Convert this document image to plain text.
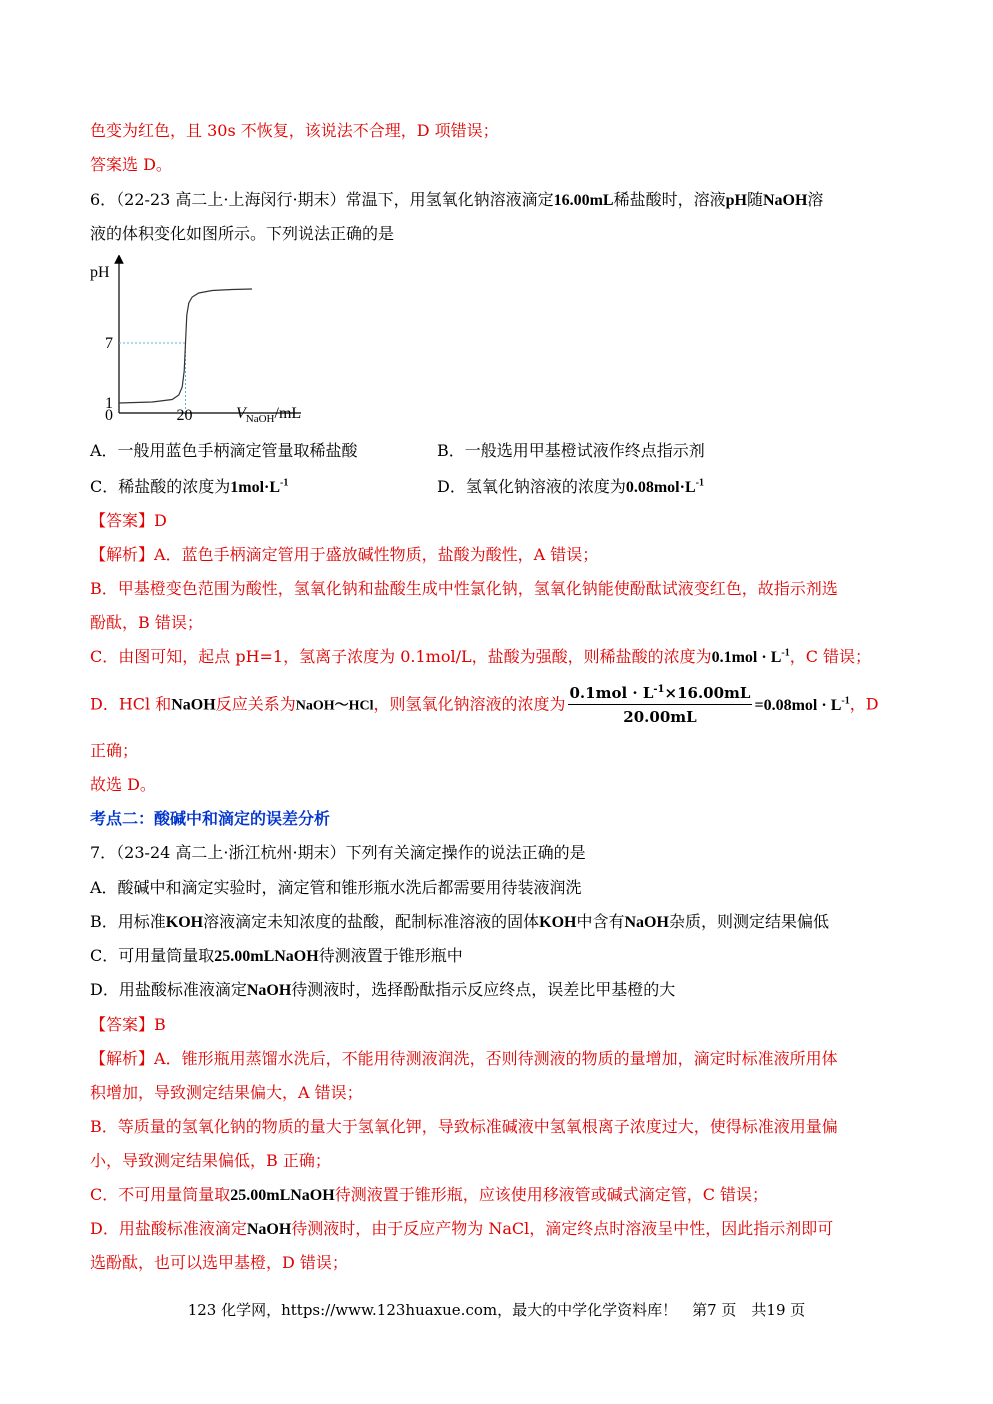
色变为红色，且 30s 不恢复，该说法不合理，D 项错误；
答案选 D。
6．（22-23 高二上·上海闵行·期末）常温下，用氢氧化钠溶液滴定16.00mL稀盐酸时，溶液pH随NaOH溶
液的体积变化如图所示。下列说法正确的是
pH
7
1
0	20	$V_{NaOH}/mL$
A．一般用蓝色手柄滴定管量取稀盐酸	B．一般选用甲基橙试液作终点指示剂
C．稀盐酸的浓度为$1mol\cdot L^{-1}$	D．氢氧化钠溶液的浓度为$0.08mol\cdot L^{-1}$
【答案】D
【解析】A．蓝色手柄滴定管用于盛放碱性物质，盐酸为酸性，A 错误；
B．甲基橙变色范围为酸性，氢氧化钠和盐酸生成中性氯化钠，氢氧化钠能使酚酞试液变红色，故指示剂选
酚酞，B 错误；
C．由图可知，起点 pH=1，氢离子浓度为 0.1mol/L，盐酸为强酸，则稀盐酸的浓度为$0.1mol \cdot L^{-1}$，C 错误；
D．HCl 和NaOH反应关系为NaOH～HCl，则氢氧化钠溶液的浓度为 $\frac{0.1mol \cdot L^{-1}\times 16.00mL}{20.00mL} =0.08mol \cdot L^{-1}$，D
正确；
故选 D。
考点二：酸碱中和滴定的误差分析
7．（23-24 高二上·浙江杭州·期末）下列有关滴定操作的说法正确的是
A．酸碱中和滴定实验时，滴定管和锥形瓶水洗后都需要用待装液润洗
B．用标准KOH溶液滴定未知浓度的盐酸，配制标准溶液的固体KOH中含有NaOH杂质，则测定结果偏低
C．可用量筒量取25.00mLNaOH待测液置于锥形瓶中
D．用盐酸标准液滴定NaOH待测液时，选择酚酞指示反应终点，误差比甲基橙的大
【答案】B
【解析】A．锥形瓶用蒸馏水洗后，不能用待测液润洗，否则待测液的物质的量增加，滴定时标准液所用体
积增加，导致测定结果偏大，A 错误；
B．等质量的氢氧化钠的物质的量大于氢氧化钾，导致标准碱液中氢氧根离子浓度过大，使得标准液用量偏
小，导致测定结果偏低，B 正确；
C．不可用量筒量取25.00mLNaOH待测液置于锥形瓶，应该使用移液管或碱式滴定管，C 错误；
D．用盐酸标准液滴定NaOH待测液时，由于反应产物为 NaCl，滴定终点时溶液呈中性，因此指示剂即可
选酚酞，也可以选甲基橙，D 错误；
123 化学网，https://www.123huaxue.com，最大的中学化学资料库！　第7 页　共19 页
